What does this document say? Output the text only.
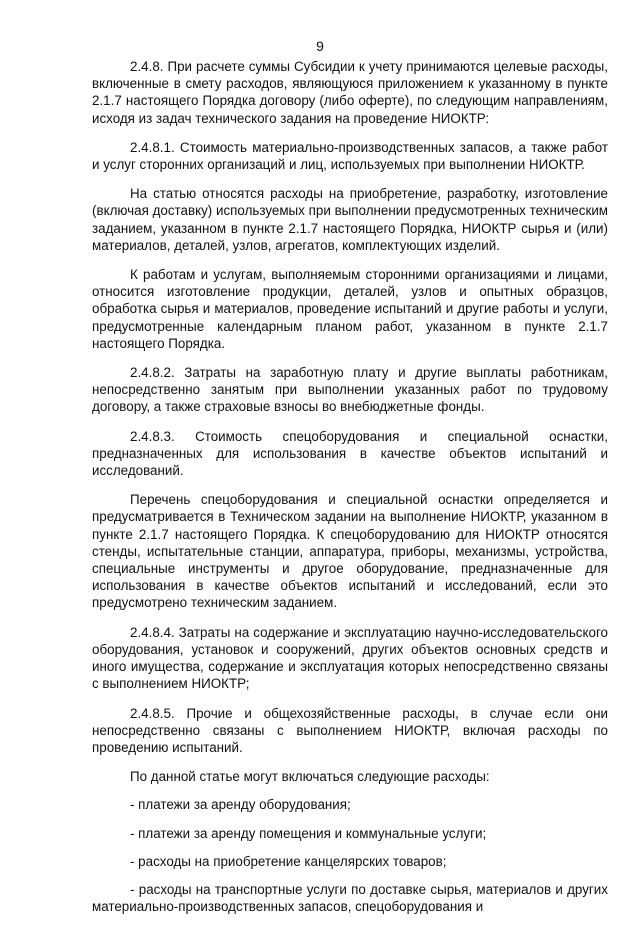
9

2.4.8. При расчете суммы Субсидии к учету принимаются целевые расходы, включенные в смету расходов, являющуюся приложением к указанному в пункте 2.1.7 настоящего Порядка договору (либо оферте), по следующим направлениям, исходя из задач технического задания на проведение НИОКТР:

2.4.8.1. Стоимость материально-производственных запасов, а также работ и услуг сторонних организаций и лиц, используемых при выполнении НИОКТР.

На статью относятся расходы на приобретение, разработку, изготовление (включая доставку) используемых при выполнении предусмотренных техническим заданием, указанном в пункте 2.1.7 настоящего Порядка, НИОКТР сырья и (или) материалов, деталей, узлов, агрегатов, комплектующих изделий.

К работам и услугам, выполняемым сторонними организациями и лицами, относится изготовление продукции, деталей, узлов и опытных образцов, обработка сырья и материалов, проведение испытаний и другие работы и услуги, предусмотренные календарным планом работ, указанном в пункте 2.1.7 настоящего Порядка.

2.4.8.2. Затраты на заработную плату и другие выплаты работникам, непосредственно занятым при выполнении указанных работ по трудовому договору, а также страховые взносы во внебюджетные фонды.

2.4.8.3. Стоимость спецоборудования и специальной оснастки, предназначенных для использования в качестве объектов испытаний и исследований.

Перечень спецоборудования и специальной оснастки определяется и предусматривается в Техническом задании на выполнение НИОКТР, указанном в пункте 2.1.7 настоящего Порядка. К спецоборудованию для НИОКТР относятся стенды, испытательные станции, аппаратура, приборы, механизмы, устройства, специальные инструменты и другое оборудование, предназначенные для использования в качестве объектов испытаний и исследований, если это предусмотрено техническим заданием.

2.4.8.4. Затраты на содержание и эксплуатацию научно-исследовательского оборудования, установок и сооружений, других объектов основных средств и иного имущества, содержание и эксплуатация которых непосредственно связаны с выполнением НИОКТР;

2.4.8.5. Прочие и общехозяйственные расходы, в случае если они непосредственно связаны с выполнением НИОКТР, включая расходы по проведению испытаний.

По данной статье могут включаться следующие расходы:

- платежи за аренду оборудования;

- платежи за аренду помещения и коммунальные услуги;

- расходы на приобретение канцелярских товаров;

- расходы на транспортные услуги по доставке сырья, материалов и других материально-производственных запасов, спецоборудования и
